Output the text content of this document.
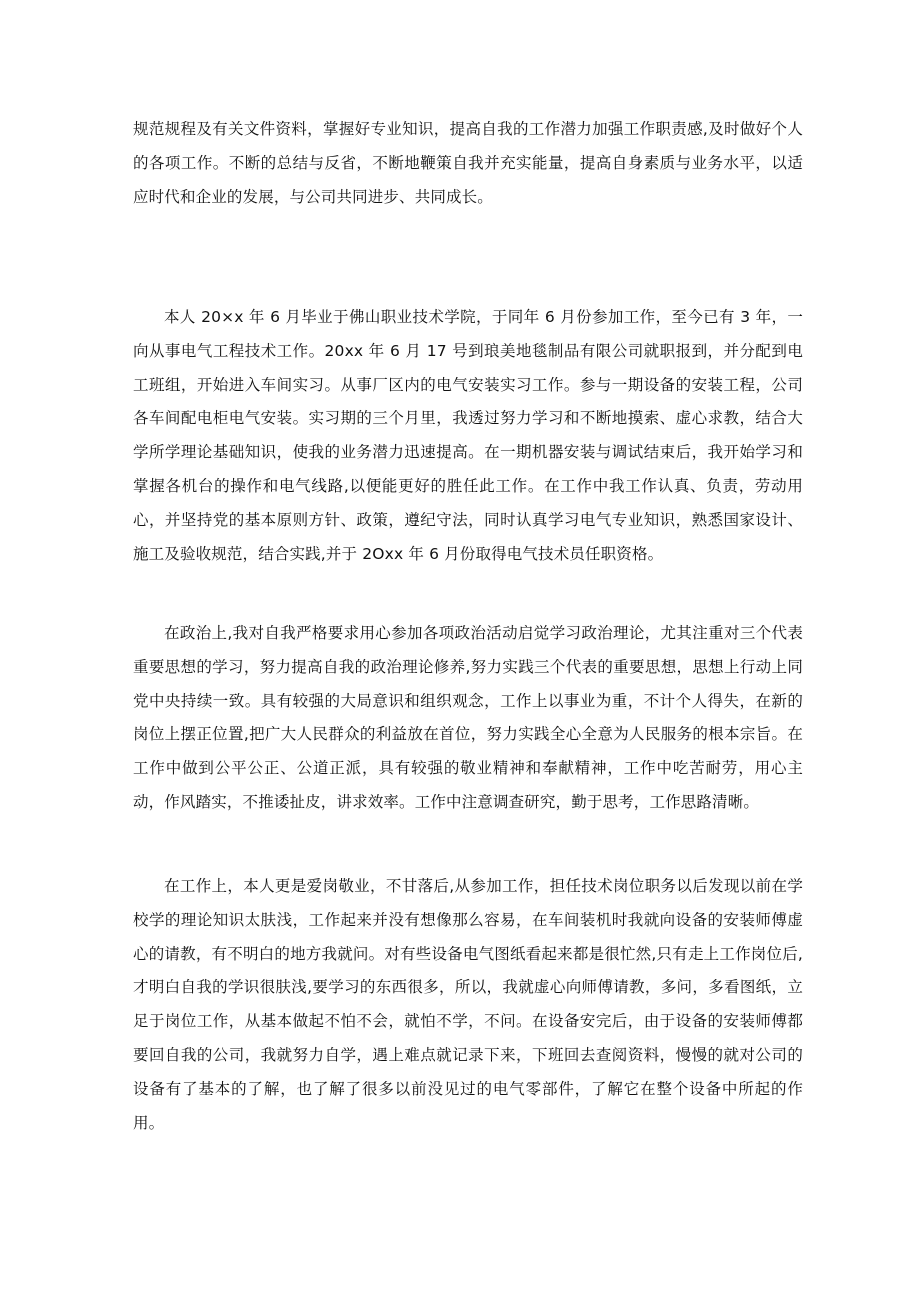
规范规程及有关文件资料，掌握好专业知识，提高自我的工作潜力加强工作职责感,及时做好个人的各项工作。不断的总结与反省，不断地鞭策自我并充实能量，提高自身素质与业务水平，以适应时代和企业的发展，与公司共同进步、共同成长。

本人 20×x 年 6 月毕业于佛山职业技术学院，于同年 6 月份参加工作，至今已有 3 年，一向从事电气工程技术工作。20xx 年 6 月 17 号到琅美地毯制品有限公司就职报到，并分配到电工班组，开始进入车间实习。从事厂区内的电气安装实习工作。参与一期设备的安装工程，公司各车间配电柜电气安装。实习期的三个月里，我透过努力学习和不断地摸索、虚心求教，结合大学所学理论基础知识，使我的业务潜力迅速提高。在一期机器安装与调试结束后，我开始学习和掌握各机台的操作和电气线路,以便能更好的胜任此工作。在工作中我工作认真、负责，劳动用心，并坚持党的基本原则方针、政策，遵纪守法，同时认真学习电气专业知识，熟悉国家设计、施工及验收规范，结合实践,并于 2Oxx 年 6 月份取得电气技术员任职资格。

在政治上,我对自我严格要求用心参加各项政治活动启觉学习政治理论，尤其注重对三个代表重要思想的学习，努力提高自我的政治理论修养,努力实践三个代表的重要思想，思想上行动上同党中央持续一致。具有较强的大局意识和组织观念，工作上以事业为重，不计个人得失，在新的岗位上摆正位置,把广大人民群众的利益放在首位，努力实践全心全意为人民服务的根本宗旨。在工作中做到公平公正、公道正派，具有较强的敬业精神和奉献精神，工作中吃苦耐劳，用心主动，作风踏实，不推诿扯皮，讲求效率。工作中注意调查研究，勤于思考，工作思路清晰。

在工作上，本人更是爱岗敬业，不甘落后,从参加工作，担任技术岗位职务以后发现以前在学校学的理论知识太肤浅，工作起来并没有想像那么容易，在车间装机时我就向设备的安装师傅虚心的请教，有不明白的地方我就问。对有些设备电气图纸看起来都是很忙然,只有走上工作岗位后,才明白自我的学识很肤浅,要学习的东西很多，所以，我就虚心向师傅请教，多问，多看图纸，立足于岗位工作，从基本做起不怕不会，就怕不学，不问。在设备安完后，由于设备的安装师傅都要回自我的公司，我就努力自学，遇上难点就记录下来，下班回去查阅资料，慢慢的就对公司的设备有了基本的了解，也了解了很多以前没见过的电气零部件，了解它在整个设备中所起的作用。
